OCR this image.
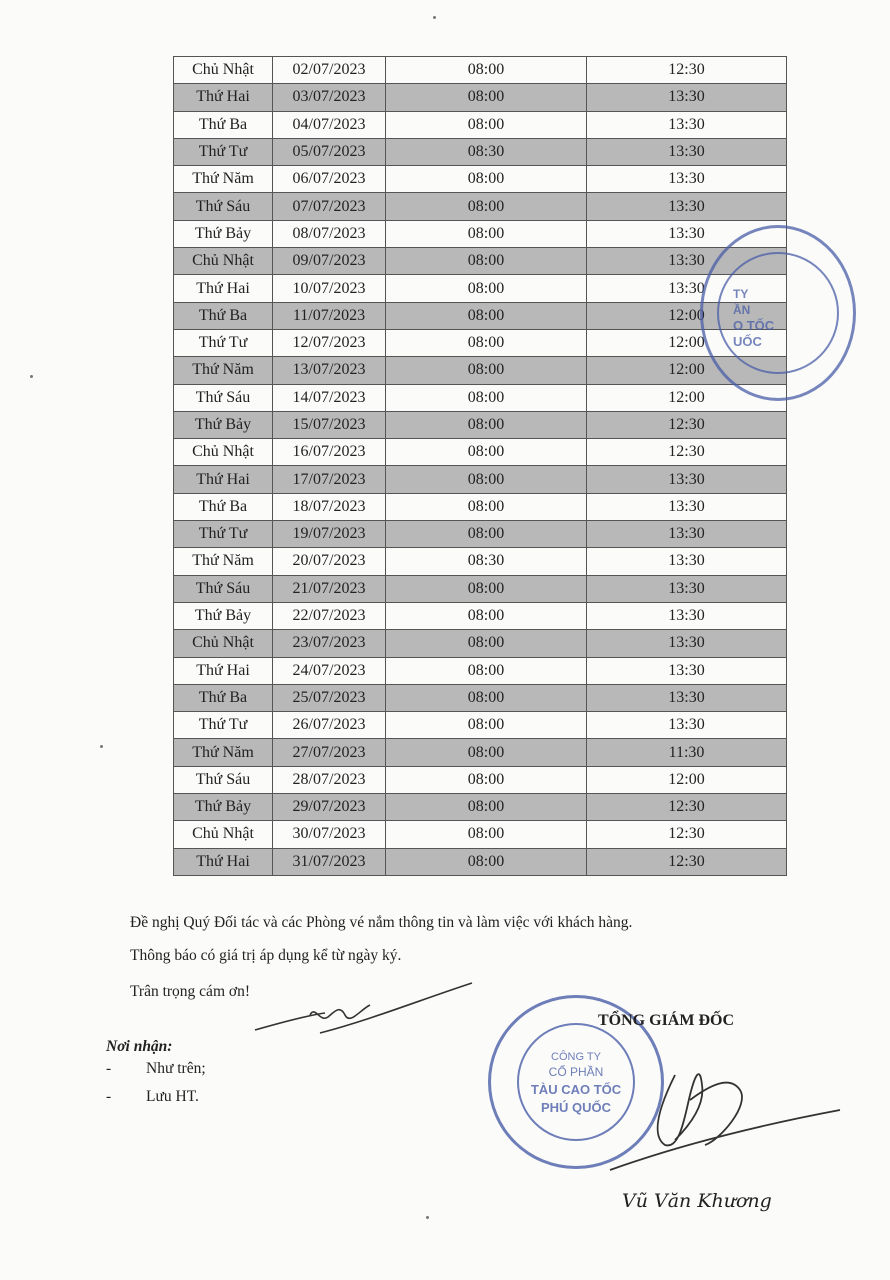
Chủ Nhật	02/07/2023	08:00	12:30
Thứ Hai	03/07/2023	08:00	13:30
Thứ Ba	04/07/2023	08:00	13:30
Thứ Tư	05/07/2023	08:30	13:30
Thứ Năm	06/07/2023	08:00	13:30
Thứ Sáu	07/07/2023	08:00	13:30
Thứ Bảy	08/07/2023	08:00	13:30
Chủ Nhật	09/07/2023	08:00	13:30
Thứ Hai	10/07/2023	08:00	13:30
Thứ Ba	11/07/2023	08:00	12:00
Thứ Tư	12/07/2023	08:00	12:00
Thứ Năm	13/07/2023	08:00	12:00
Thứ Sáu	14/07/2023	08:00	12:00
Thứ Bảy	15/07/2023	08:00	12:30
Chủ Nhật	16/07/2023	08:00	12:30
Thứ Hai	17/07/2023	08:00	13:30
Thứ Ba	18/07/2023	08:00	13:30
Thứ Tư	19/07/2023	08:00	13:30
Thứ Năm	20/07/2023	08:30	13:30
Thứ Sáu	21/07/2023	08:00	13:30
Thứ Bảy	22/07/2023	08:00	13:30
Chủ Nhật	23/07/2023	08:00	13:30
Thứ Hai	24/07/2023	08:00	13:30
Thứ Ba	25/07/2023	08:00	13:30
Thứ Tư	26/07/2023	08:00	13:30
Thứ Năm	27/07/2023	08:00	11:30
Thứ Sáu	28/07/2023	08:00	12:00
Thứ Bảy	29/07/2023	08:00	12:30
Chủ Nhật	30/07/2023	08:00	12:30
Thứ Hai	31/07/2023	08:00	12:30
TY
ẦN
O TỐC
UỐC
Đề nghị Quý Đối tác và các Phòng vé nắm thông tin và làm việc với khách hàng.
Thông báo có giá trị áp dụng kể từ ngày ký.
Trân trọng cám ơn!
Nơi nhận:
- Như trên;
- Lưu HT.
CÔNG TY
CỔ PHẦN
TÀU CAO TỐC
PHÚ QUỐC
TỔNG GIÁM ĐỐC
Vũ Văn Khương
